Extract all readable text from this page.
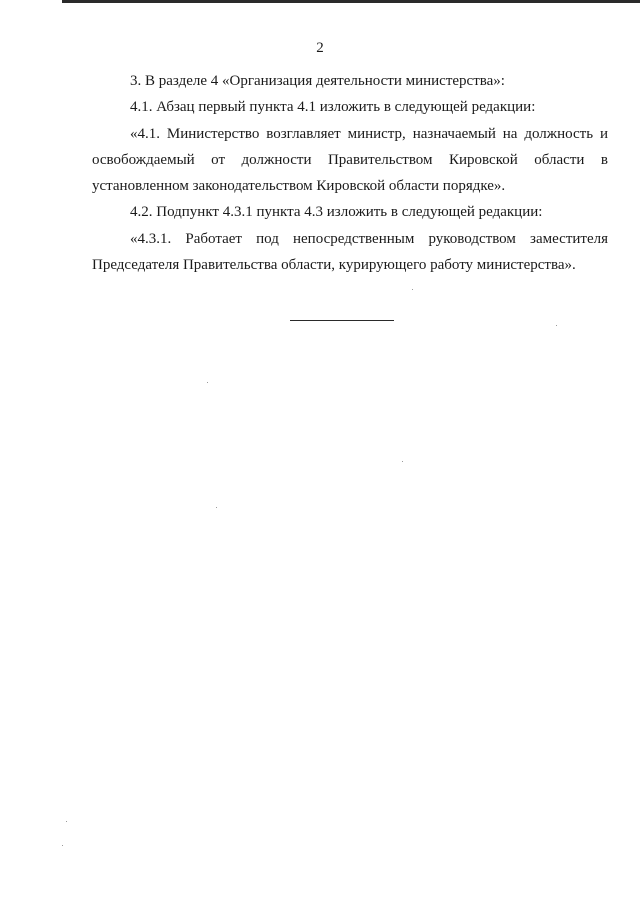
2

3. В разделе 4 «Организация деятельности министерства»:

4.1. Абзац первый пункта 4.1 изложить в следующей редакции:

«4.1. Министерство возглавляет министр, назначаемый на должность и освобождаемый от должности Правительством Кировской области в установленном законодательством Кировской области порядке».

4.2. Подпункт 4.3.1 пункта 4.3 изложить в следующей редакции:

«4.3.1. Работает под непосредственным руководством заместителя Председателя Правительства области, курирующего работу министерства».
